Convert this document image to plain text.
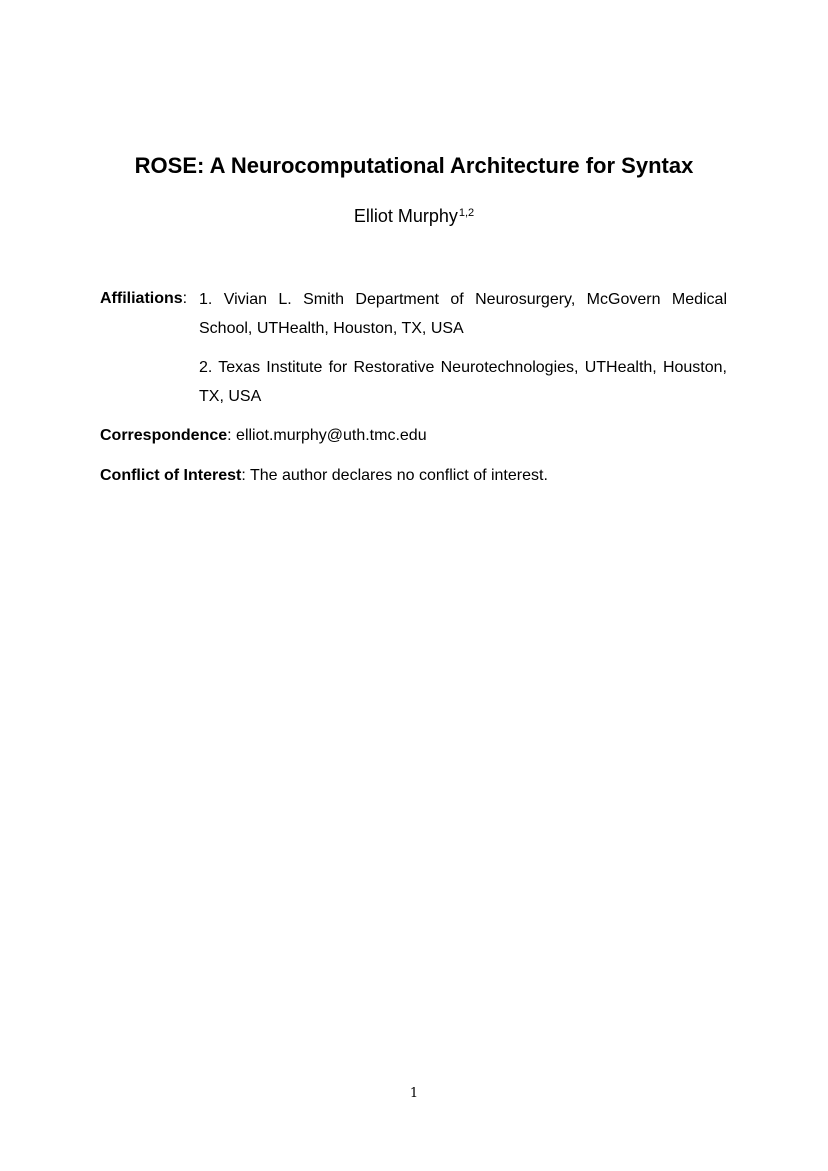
ROSE: A Neurocomputational Architecture for Syntax
Elliot Murphy$^{1,2}$
Affiliations: 1. Vivian L. Smith Department of Neurosurgery, McGovern Medical School, UTHealth, Houston, TX, USA
2. Texas Institute for Restorative Neurotechnologies, UTHealth, Houston, TX, USA
Correspondence: elliot.murphy@uth.tmc.edu
Conflict of Interest: The author declares no conflict of interest.
1
